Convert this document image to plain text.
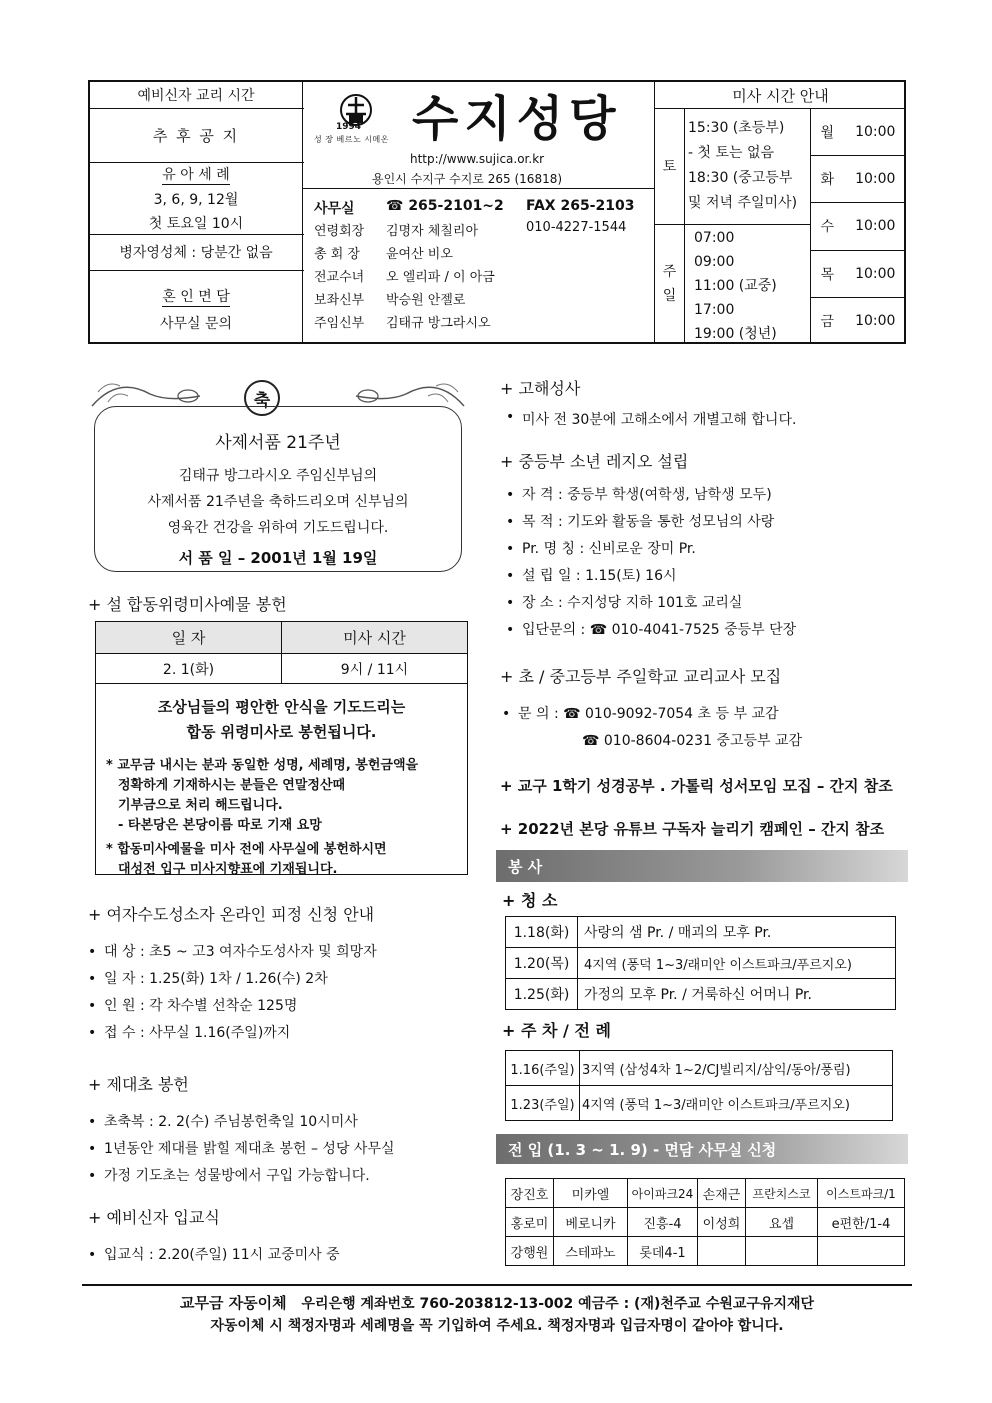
예비신자 교리 시간
추 후 공 지
유 아 세 례
3, 6, 9, 12월
첫 토요일 10시
병자영성체 : 당분간 없음
혼 인 면 담
사무실 문의
1994
성 장 베르노 시메온 수지성당
http://www.sujica.or.kr
용인시 수지구 수지로 265 (16818)
사무실	☎ 265-2101~2	FAX 265-2103
연령회장	김명자 체칠리아	010-4227-1544
총 회 장	윤여산 비오
전교수녀	오 엘리파 / 이 아금
보좌신부	박승원 안젤로
주임신부	김태규 방그라시오
미사 시간 안내
토
15:30 (초등부)
- 첫 토는 없음
18:30 (중고등부
및 저녁 주일미사)
주
일
07:00
09:00
11:00 (교중)
17:00
19:00 (청년)
월 10:00
화 10:00
수 10:00
목 10:00
금 10:00
축
사제서품 21주년
김태규 방그라시오 주임신부님의
사제서품 21주년을 축하드리오며 신부님의
영육간 건강을 위하여 기도드립니다.
서 품 일 – 2001년 1월 19일
+ 설 합동위령미사예물 봉헌
일 자	미사 시간
2. 1(화)	9시 / 11시
조상님들의 평안한 안식을 기도드리는
합동 위령미사로 봉헌됩니다.
* 교무금 내시는 분과 동일한 성명, 세례명, 봉헌금액을
정확하게 기재하시는 분들은 연말정산때
기부금으로 처리 해드립니다.
- 타본당은 본당이름 따로 기재 요망
* 합동미사예물을 미사 전에 사무실에 봉헌하시면
대성전 입구 미사지향표에 기재됩니다.
+ 여자수도성소자 온라인 피정 신청 안내
• 대 상 : 초5 ~ 고3 여자수도성사자 및 희망자
• 일 자 : 1.25(화) 1차 / 1.26(수) 2차
• 인 원 : 각 차수별 선착순 125명
• 접 수 : 사무실 1.16(주일)까지
+ 제대초 봉헌
• 초축복 : 2. 2(수) 주님봉헌축일 10시미사
• 1년동안 제대를 밝힐 제대초 봉헌 – 성당 사무실
• 가정 기도초는 성물방에서 구입 가능합니다.
+ 예비신자 입교식
• 입교식 : 2.20(주일) 11시 교중미사 중
+ 고해성사
• 미사 전 30분에 고해소에서 개별고해 합니다.
+ 중등부 소년 레지오 설립
• 자 격 : 중등부 학생(여학생, 남학생 모두)
• 목 적 : 기도와 활동을 통한 성모님의 사랑
• Pr. 명 칭 : 신비로운 장미 Pr.
• 설 립 일 : 1.15(토) 16시
• 장 소 : 수지성당 지하 101호 교리실
• 입단문의 : ☎ 010-4041-7525 중등부 단장
+ 초 / 중고등부 주일학교 교리교사 모집
• 문 의 : ☎ 010-9092-7054 초 등 부 교감
☎ 010-8604-0231 중고등부 교감
+ 교구 1학기 성경공부 . 가톨릭 성서모임 모집 – 간지 참조
+ 2022년 본당 유튜브 구독자 늘리기 캠페인 – 간지 참조
봉 사
+ 청 소
1.18(화)	사랑의 샘 Pr. / 매괴의 모후 Pr.
1.20(목)	4지역 (풍덕 1~3/래미안 이스트파크/푸르지오)
1.25(화)	가정의 모후 Pr. / 거룩하신 어머니 Pr.
+ 주 차 / 전 례
1.16(주일)	3지역 (삼성4차 1~2/CJ빌리지/삼익/동아/풍림)
1.23(주일)	4지역 (풍덕 1~3/래미안 이스트파크/푸르지오)
전 입 (1. 3 ~ 1. 9) - 면담 사무실 신청
장진호	미카엘	아이파크24	손재근	프란치스코	이스트파크/1
홍로미	베로니카	진흥-4	이성희	요셉	e편한/1-4
강행원	스테파노	롯데4-1			
교무금 자동이체 우리은행 계좌번호 760-203812-13-002 예금주 : (재)천주교 수원교구유지재단
자동이체 시 책정자명과 세례명을 꼭 기입하여 주세요. 책정자명과 입금자명이 같아야 합니다.
